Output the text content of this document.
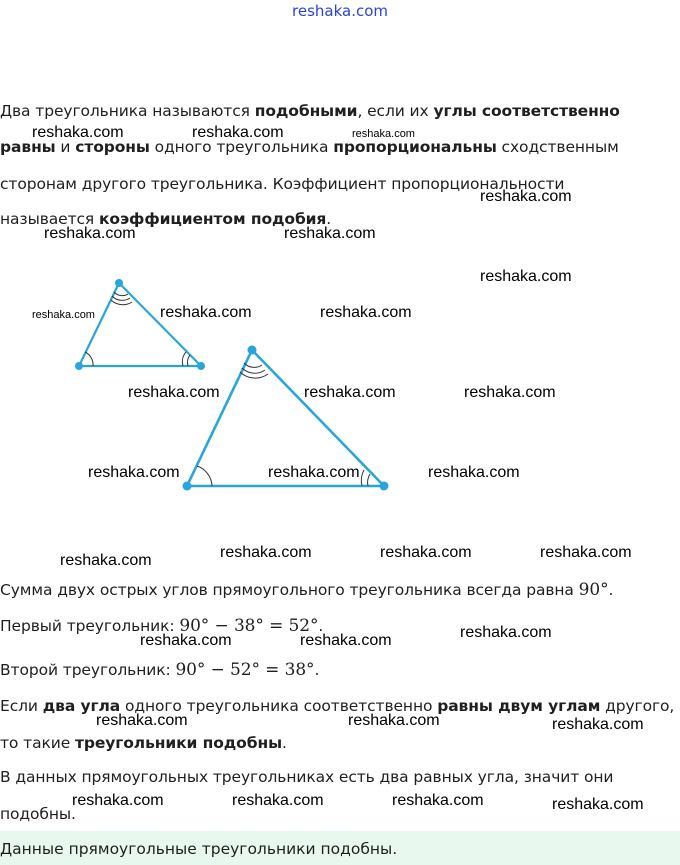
reshaka.com
Два треугольника называются подобными, если их углы соответственно
равны и стороны одного треугольника пропорциональны сходственным
сторонам другого треугольника. Коэффициент пропорциональности
называется коэффициентом подобия.
Сумма двух острых углов прямоугольного треугольника всегда равна 90°.
Первый треугольник: 90° − 38° = 52°.
Второй треугольник: 90° − 52° = 38°.
Если два угла одного треугольника соответственно равны двум углам другого,
то такие треугольники подобны.
В данных прямоугольных треугольниках есть два равных угла, значит они
подобны.
Данные прямоугольные треугольники подобны.
reshaka.com	reshaka.com	reshaka.com
reshaka.com
reshaka.com	reshaka.com
reshaka.com
reshaka.com	reshaka.com	reshaka.com
reshaka.com	reshaka.com	reshaka.com
reshaka.com	reshaka.com	reshaka.com
reshaka.com	reshaka.com	reshaka.com	reshaka.com
reshaka.com	reshaka.com	reshaka.com
reshaka.com	reshaka.com	reshaka.com
reshaka.com	reshaka.com	reshaka.com	reshaka.com
